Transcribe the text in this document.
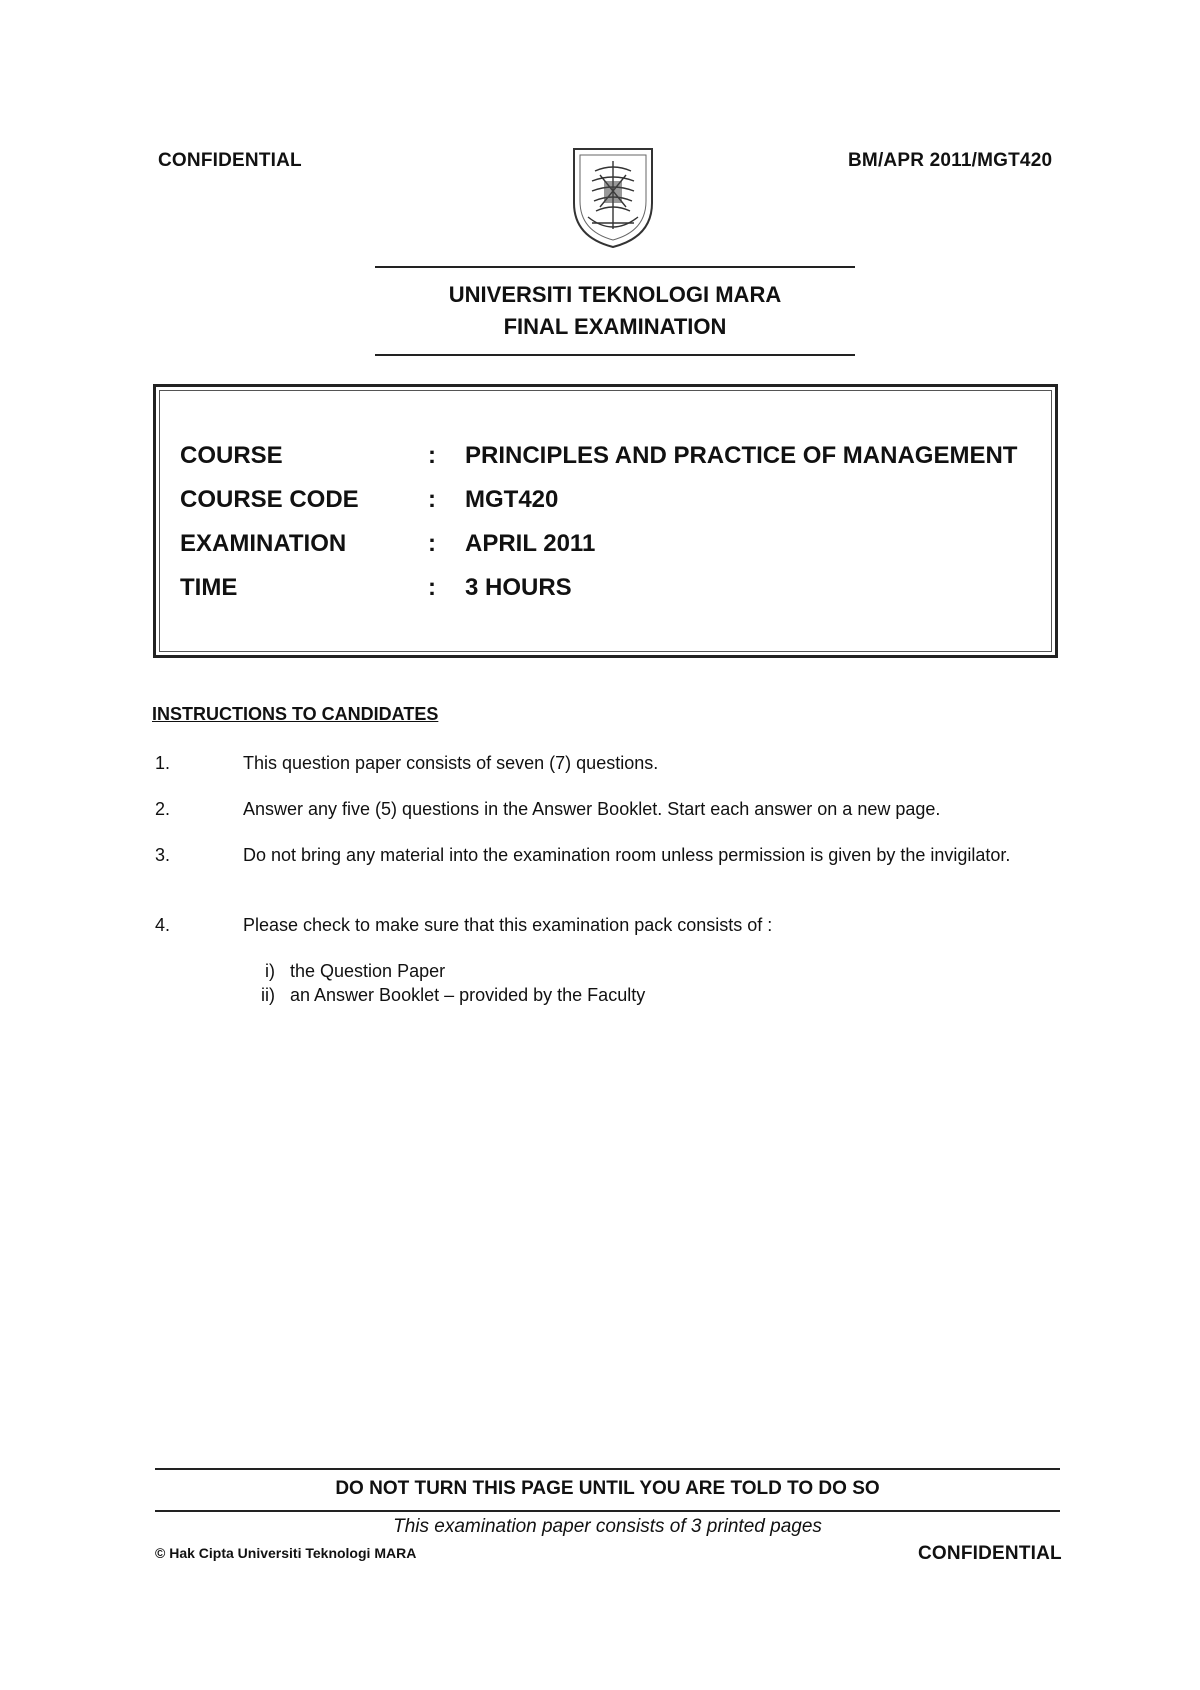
CONFIDENTIAL	BM/APR 2011/MGT420
UNIVERSITI TEKNOLOGI MARA
FINAL EXAMINATION
COURSE	:	PRINCIPLES AND PRACTICE OF MANAGEMENT
COURSE CODE	:	MGT420
EXAMINATION	:	APRIL 2011
TIME	:	3 HOURS
INSTRUCTIONS TO CANDIDATES
1.	This question paper consists of seven (7) questions.
2.	Answer any five (5) questions in the Answer Booklet. Start each answer on a new page.
3.	Do not bring any material into the examination room unless permission is given by the invigilator.
4.	Please check to make sure that this examination pack consists of :
i) the Question Paper
ii) an Answer Booklet – provided by the Faculty
DO NOT TURN THIS PAGE UNTIL YOU ARE TOLD TO DO SO
This examination paper consists of 3 printed pages
© Hak Cipta Universiti Teknologi MARA	CONFIDENTIAL
